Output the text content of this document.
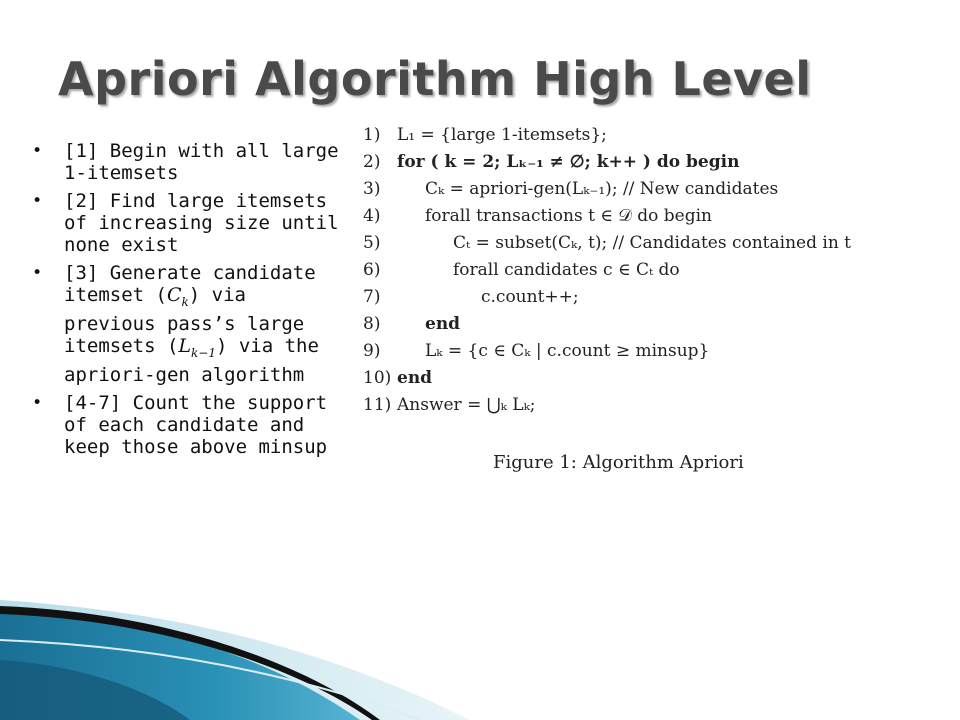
Apriori Algorithm High Level
• [1] Begin with all large 1-itemsets
• [2] Find large itemsets of increasing size until none exist
• [3] Generate candidate itemset $(C_k)$ via previous pass’s large itemsets $(L_{k-1})$ via the apriori-gen algorithm
• [4-7] Count the support of each candidate and keep those above minsup
1) L₁ = {large 1-itemsets};
2) for ( k = 2; Lₖ₋₁ ≠ ∅; k++ ) do begin
3)	Cₖ = apriori-gen(Lₖ₋₁); // New candidates
4)	forall transactions t ∈ 𝒟 do begin
5)	Cₜ = subset(Cₖ, t); // Candidates contained in t
6)	forall candidates c ∈ Cₜ do
7)	c.count++;
8)	end
9)	Lₖ = {c ∈ Cₖ | c.count ≥ minsup}
10) end
11) Answer = ⋃ₖ Lₖ;
Figure 1: Algorithm Apriori
